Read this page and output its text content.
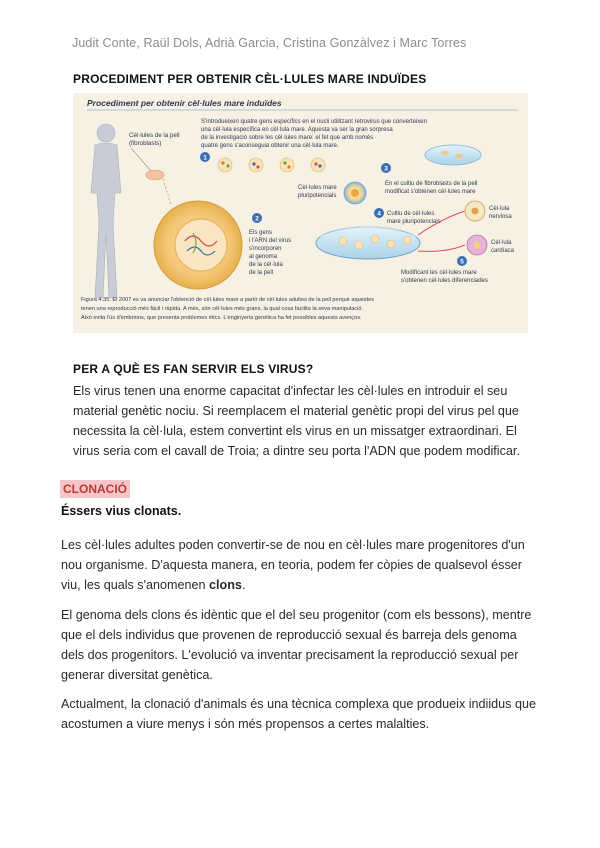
Judit Conte, Raül Dols, Adrià Garcia, Cristina Gonzàlvez i Marc Torres
PROCEDIMENT PER OBTENIR CÈL·LULES MARE INDUÏDES
Procediment per obtenir cèl·lules mare induïdes
Cèl·lules de la pell
(fibroblasts)
S'introdueixen quatre gens específics en el nucli utilitzant retrovirus que converteixen
una cèl·lula específica en cèl·lula mare. Aquesta va ser la gran sorpresa
de la investigació sobre les cèl·lules mare: el fet que amb només
quatre gens s'aconseguia obtenir una cèl·lula mare.
1
3
En el cultiu de fibroblasts de la pell
modificat s'obtenen cèl·lules mare
Cèl·lules mare
pluripotencials
2
Els gens
i l'ARN del virus
s'incorporen
al genoma
de la cèl·lula
de la pell
4 Cultiu de cèl·lules
mare pluripotencials
Cèl·lula
nerviosa
Cèl·lula
cardíaca
5
Modificant les cèl·lules mare
s'obtenen cèl·lules diferenciades
Figura 4.35. El 2007 es va anunciar l'obtenció de cèl·lules mare a partir de cèl·lules adultes de la pell perquè aquestes
tenen una reproducció més fàcil i ràpida. A més, són cèl·lules més grans, la qual cosa facilita la seva manipulació.
Això evita l'ús d'embrions, que presenta problemes ètics. L'enginyeria genètica ha fet possibles aquests avenços.
PER A QUÈ ES FAN SERVIR ELS VIRUS?
Els virus tenen una enorme capacitat d'infectar les cèl·lules en introduir el seu material genètic nociu. Si reemplacem el material genètic propi del virus pel que necessita la cèl·lula, estem convertint els virus en un missatger extraordinari. El virus seria com el cavall de Troia; a dintre seu porta l'ADN que podem modificar.
CLONACIÓ
Éssers vius clonats.
Les cèl·lules adultes poden convertir-se de nou en cèl·lules mare progenitores d'un nou organisme. D'aquesta manera, en teoria, podem fer còpies de qualsevol ésser viu, les quals s'anomenen clons.
El genoma dels clons és idèntic que el del seu progenitor (com els bessons), mentre que el dels individus que provenen de reproducció sexual és barreja dels genoma dels dos progenitors. L'evolució va inventar precisament la reproducció sexual per generar diversitat genètica.
Actualment, la clonació d'animals és una tècnica complexa que produeix indiidus que acostumen a viure menys i són més propensos a certes malalties.
